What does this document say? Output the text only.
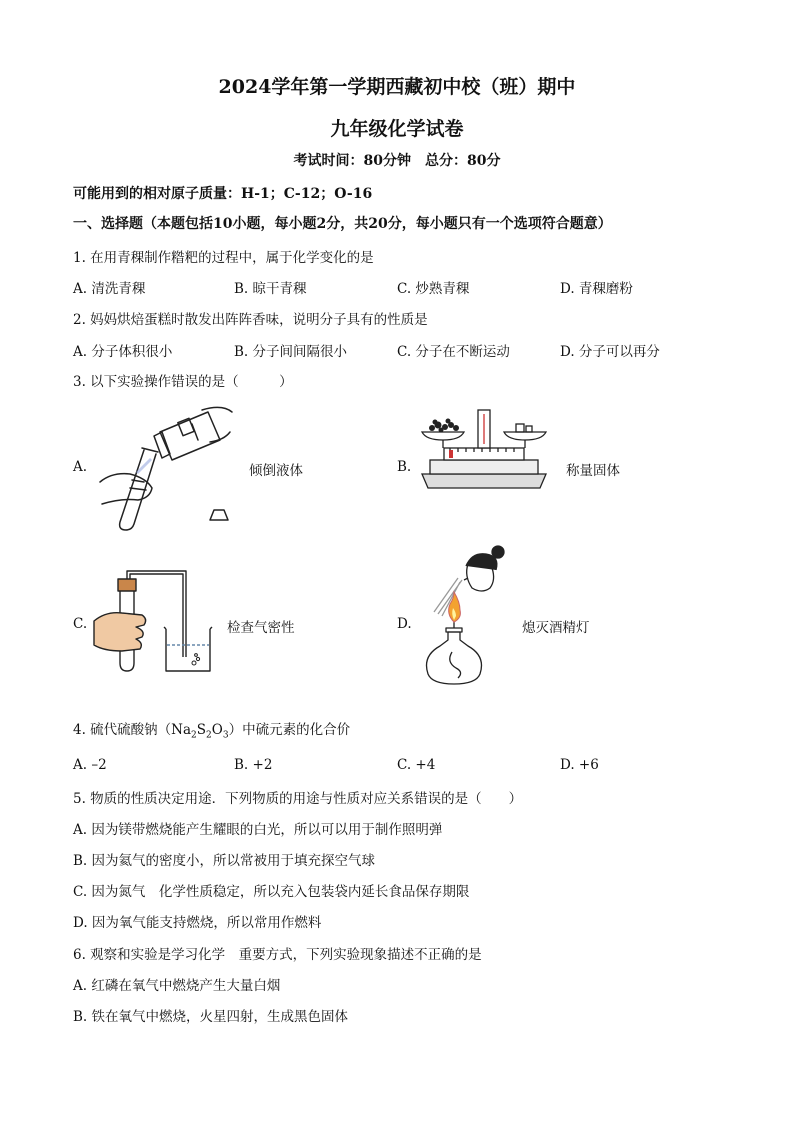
2024学年第一学期西藏初中校（班）期中
九年级化学试卷
考试时间：80分钟　总分：80分
可能用到的相对原子质量：H-1；C-12；O-16
一、选择题（本题包括10小题，每小题2分，共20分，每小题只有一个选项符合题意）
1. 在用青稞制作糌粑的过程中，属于化学变化的是
A. 清洗青稞	B. 晾干青稞	C. 炒熟青稞	D. 青稞磨粉
2. 妈妈烘焙蛋糕时散发出阵阵香味，说明分子具有的性质是
A. 分子体积很小	B. 分子间间隔很小	C. 分子在不断运动	D. 分子可以再分
3. 以下实验操作错误的是（　　　）
A.	倾倒液体	B.	称量固体
C.	检查气密性	D.	熄灭酒精灯
4. 硫代硫酸钠$(Na_2S_2O_3)$中硫元素的化合价
A. –2	B. +2	C. +4	D. +6
5. 物质的性质决定用途．下列物质的用途与性质对应关系错误的是（　　）
A. 因为镁带燃烧能产生耀眼的白光，所以可以用于制作照明弹
B. 因为氦气的密度小，所以常被用于填充探空气球
C. 因为氮气　化学性质稳定，所以充入包装袋内延长食品保存期限
D. 因为氧气能支持燃烧，所以常用作燃料
6. 观察和实验是学习化学　重要方式，下列实验现象描述不正确的是
A. 红磷在氧气中燃烧产生大量白烟
B. 铁在氧气中燃烧，火星四射，生成黑色固体
